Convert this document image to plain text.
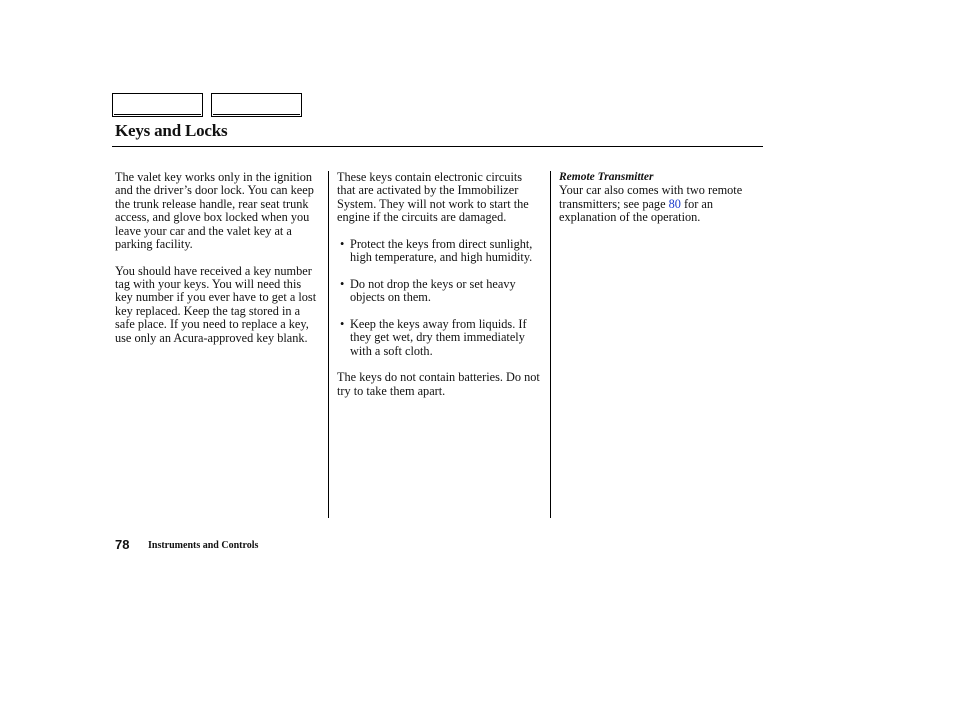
Keys and Locks

The valet key works only in the ignition and the driver’s door lock. You can keep the trunk release handle, rear seat trunk access, and glove box locked when you leave your car and the valet key at a parking facility.

You should have received a key number tag with your keys. You will need this key number if you ever have to get a lost key replaced. Keep the tag stored in a safe place. If you need to replace a key, use only an Acura-approved key blank.

These keys contain electronic circuits that are activated by the Immobilizer System. They will not work to start the engine if the circuits are damaged.

• Protect the keys from direct sunlight, high temperature, and high humidity.
• Do not drop the keys or set heavy objects on them.
• Keep the keys away from liquids. If they get wet, dry them immediately with a soft cloth.

The keys do not contain batteries. Do not try to take them apart.

Remote Transmitter

Your car also comes with two remote transmitters; see page 80 for an explanation of the operation.

78 Instruments and Controls
